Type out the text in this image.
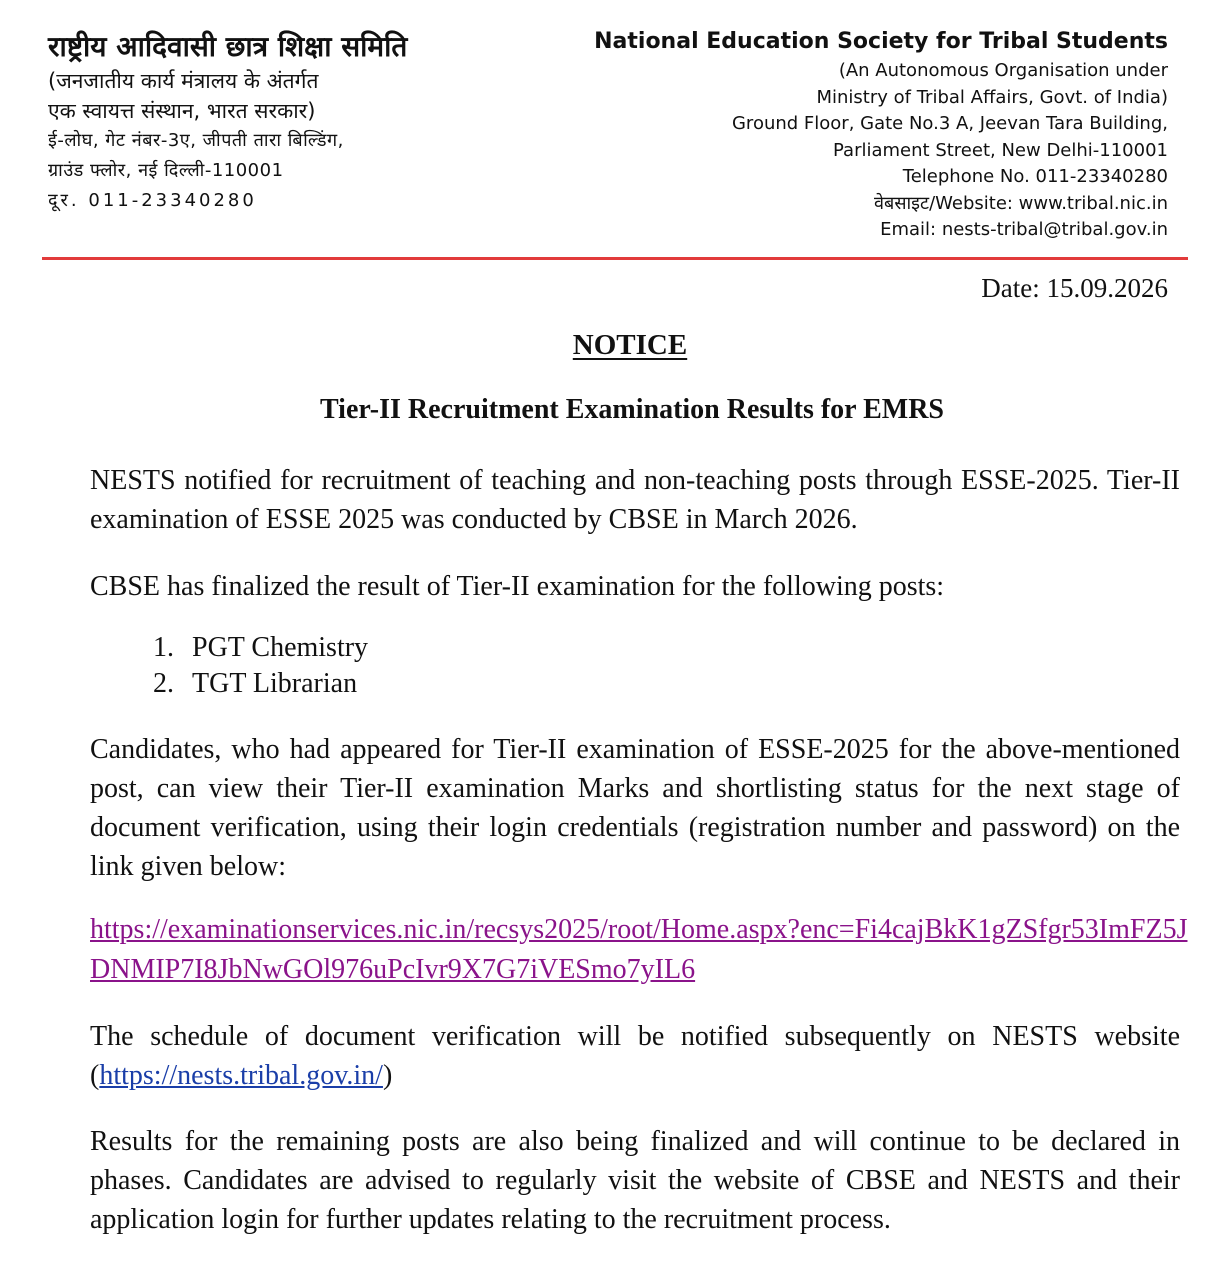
राष्ट्रीय आदिवासी छात्र शिक्षा समिति
(जनजातीय कार्य मंत्रालय के अंतर्गत
एक स्वायत्त संस्थान, भारत सरकार)
ई-लोघ, गेट नंबर-3ए, जीपती तारा बिल्डिंग,
ग्राउंड फ्लोर, नई दिल्ली-110001
दूर. 011-23340280
National Education Society for Tribal Students
(An Autonomous Organisation under
Ministry of Tribal Affairs, Govt. of India)
Ground Floor, Gate No.3 A, Jeevan Tara Building,
Parliament Street, New Delhi-110001
Telephone No. 011-23340280
वेबसाइट/Website: www.tribal.nic.in
Email: nests-tribal@tribal.gov.in
Date: 15.09.2026
NOTICE
Tier-II Recruitment Examination Results for EMRS
NESTS notified for recruitment of teaching and non-teaching posts through ESSE-2025. Tier-II examination of ESSE 2025 was conducted by CBSE in March 2026.
CBSE has finalized the result of Tier-II examination for the following posts:
1. PGT Chemistry
2. TGT Librarian
Candidates, who had appeared for Tier-II examination of ESSE-2025 for the above-mentioned post, can view their Tier-II examination Marks and shortlisting status for the next stage of document verification, using their login credentials (registration number and password) on the link given below:
https://examinationservices.nic.in/recsys2025/root/Home.aspx?enc=Fi4cajBkK1gZSfgr53ImFZ5JDNMIP7I8JbNwGOl976uPcIvr9X7G7iVESmo7yIL6
The schedule of document verification will be notified subsequently on NESTS website (https://nests.tribal.gov.in/)
Results for the remaining posts are also being finalized and will continue to be declared in phases. Candidates are advised to regularly visit the website of CBSE and NESTS and their application login for further updates relating to the recruitment process.
